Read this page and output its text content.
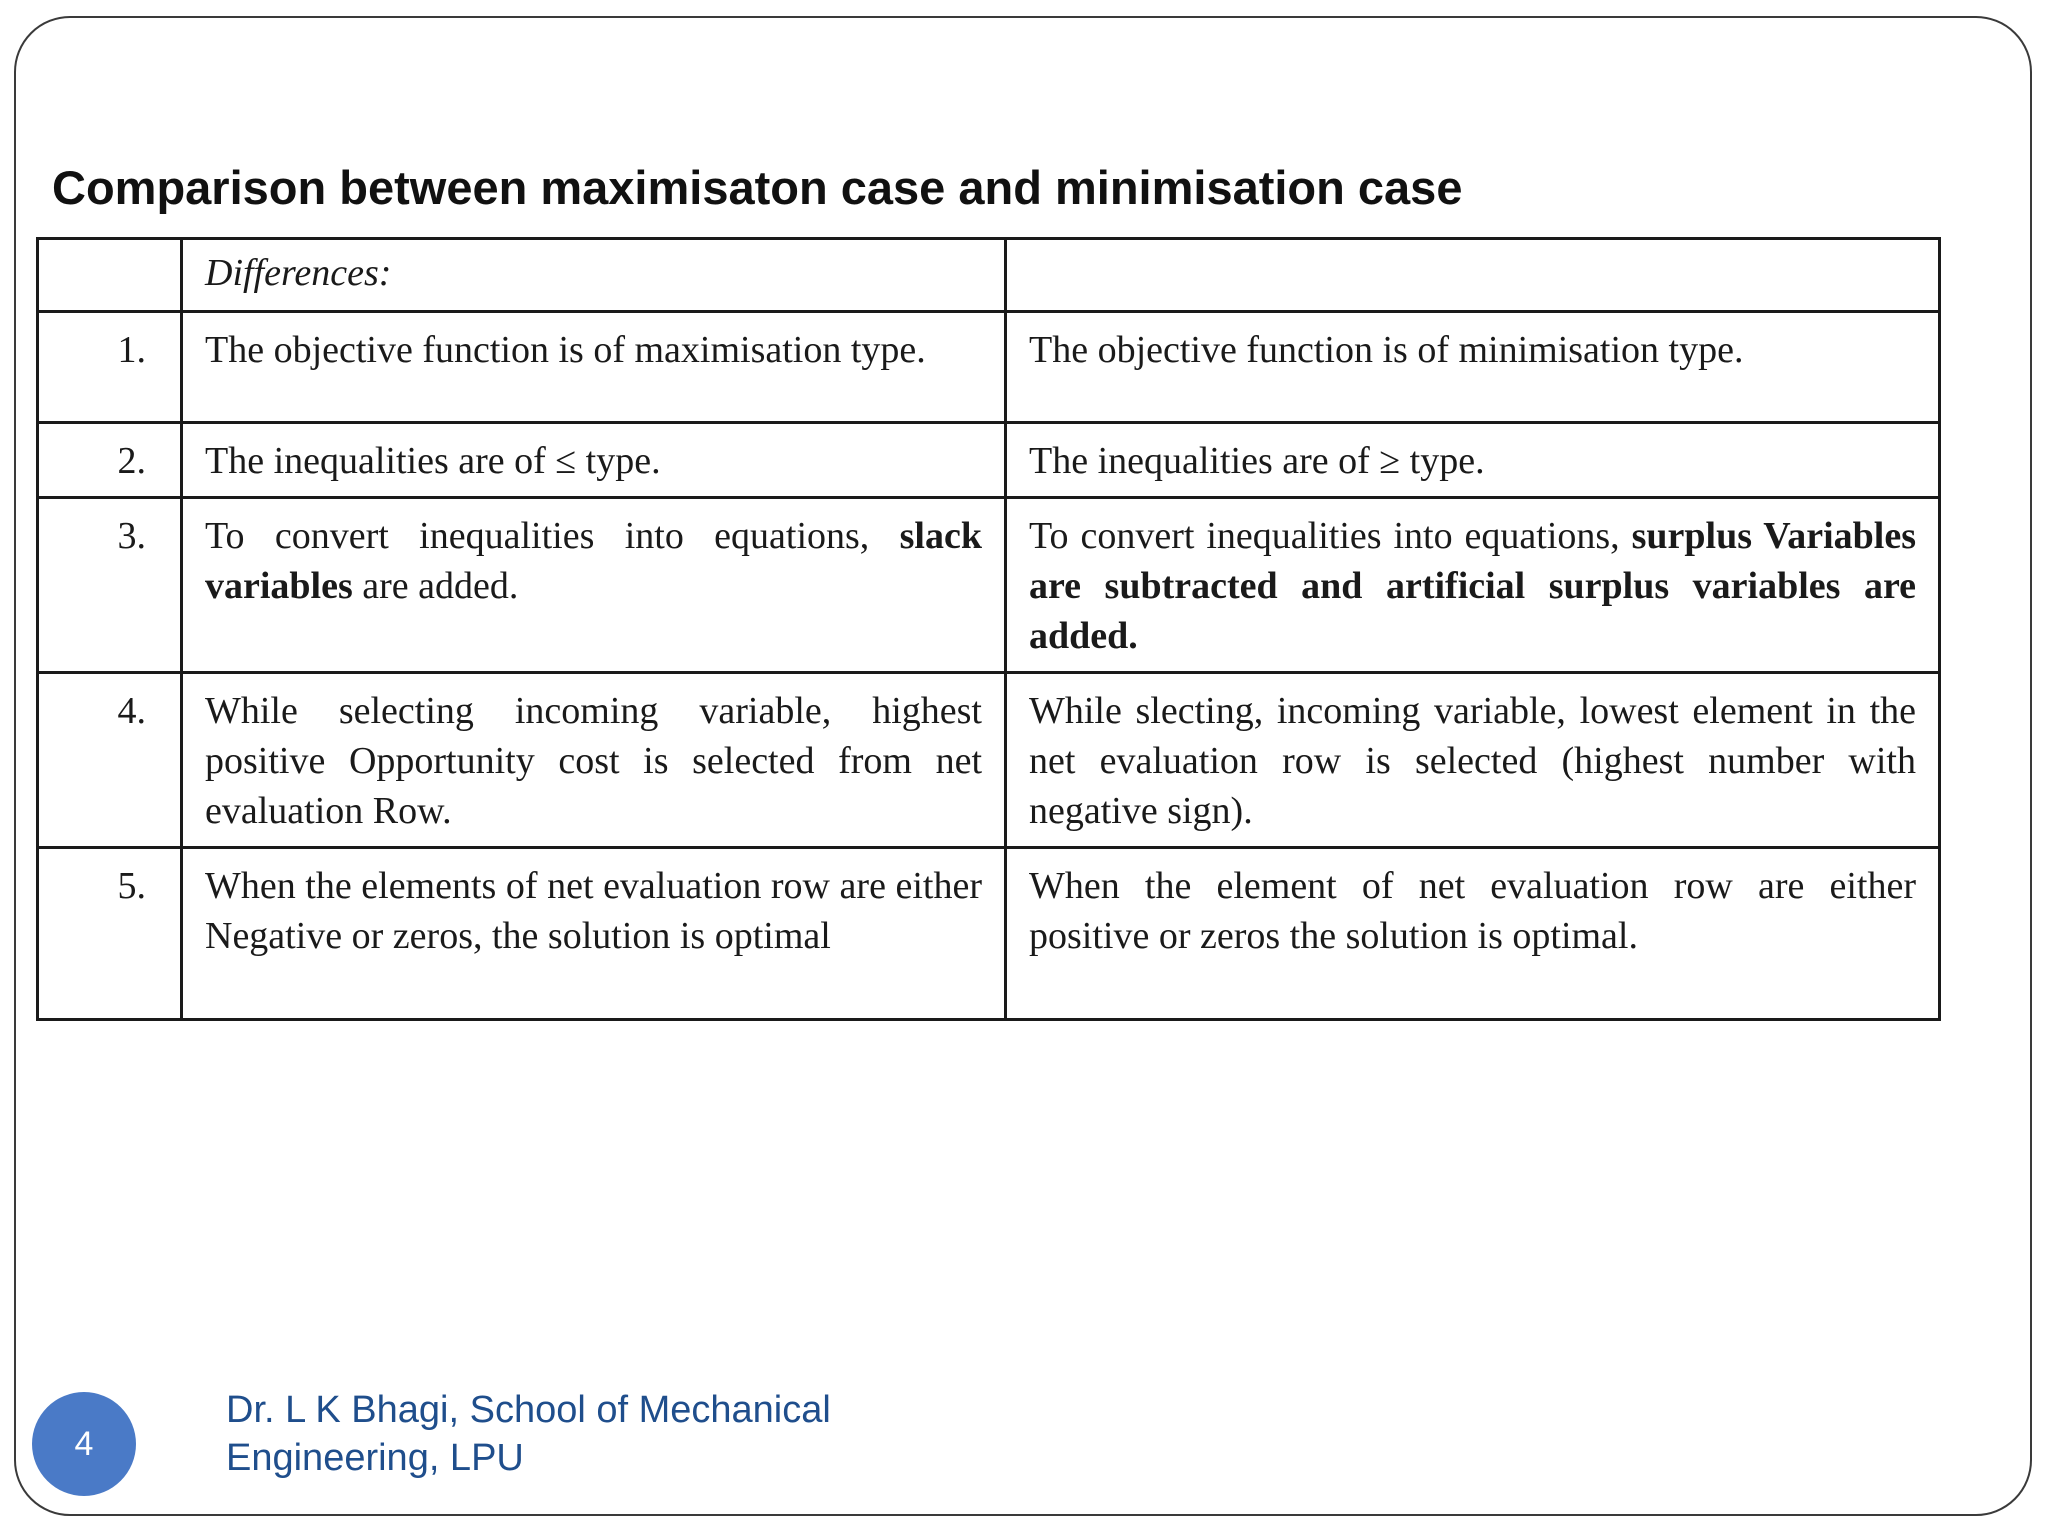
Comparison between maximisaton case and minimisation case
	Differences:	
1.	The objective function is of maximisation type.	The objective function is of minimisation type.
2.	The inequalities are of ≤ type.	The inequalities are of ≥ type.
3.	To convert inequalities into equations, slack variables are added.	To convert inequalities into equations, surplus Variables are subtracted and artificial surplus variables are added.
4.	While selecting incoming variable, highest positive Opportunity cost is selected from net evaluation Row.	While slecting, incoming variable, lowest element in the net evaluation row is selected (highest number with negative sign).
5.	When the elements of net evaluation row are either Negative or zeros, the solution is optimal	When the element of net evaluation row are either positive or zeros the solution is optimal.
4
Dr. L K Bhagi, School of Mechanical
Engineering, LPU
